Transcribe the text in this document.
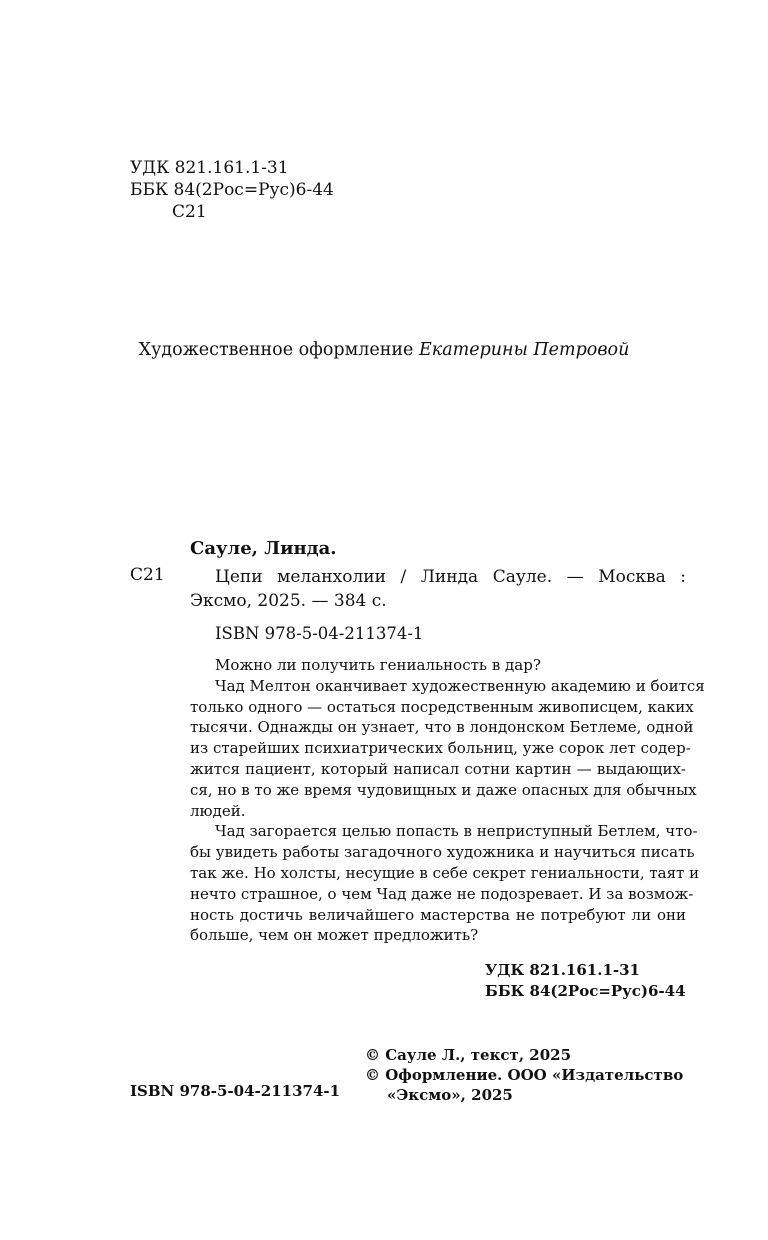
УДК 821.161.1-31
ББК 84(2Рос=Рус)6-44
С21
Художественное оформление Екатерины Петровой
Сауле, Линда.
С21	Цепи меланхолии / Линда Сауле. — Москва :
Эксмо, 2025. — 384 с.
ISBN 978-5-04-211374-1
Можно ли получить гениальность в дар?
Чад Мелтон оканчивает художественную академию и боится
только одного — остаться посредственным живописцем, каких
тысячи. Однажды он узнает, что в лондонском Бетлеме, одной
из старейших психиатрических больниц, уже сорок лет содер-
жится пациент, который написал сотни картин — выдающих-
ся, но в то же время чудовищных и даже опасных для обычных
людей.
Чад загорается целью попасть в неприступный Бетлем, что-
бы увидеть работы загадочного художника и научиться писать
так же. Но холсты, несущие в себе секрет гениальности, таят и
нечто страшное, о чем Чад даже не подозревает. И за возмож-
ность достичь величайшего мастерства не потребуют ли они
больше, чем он может предложить?
УДК 821.161.1-31
ББК 84(2Рос=Рус)6-44
ISBN 978-5-04-211374-1
© Сауле Л., текст, 2025
© Оформление. ООО «Издательство
«Эксмо», 2025
